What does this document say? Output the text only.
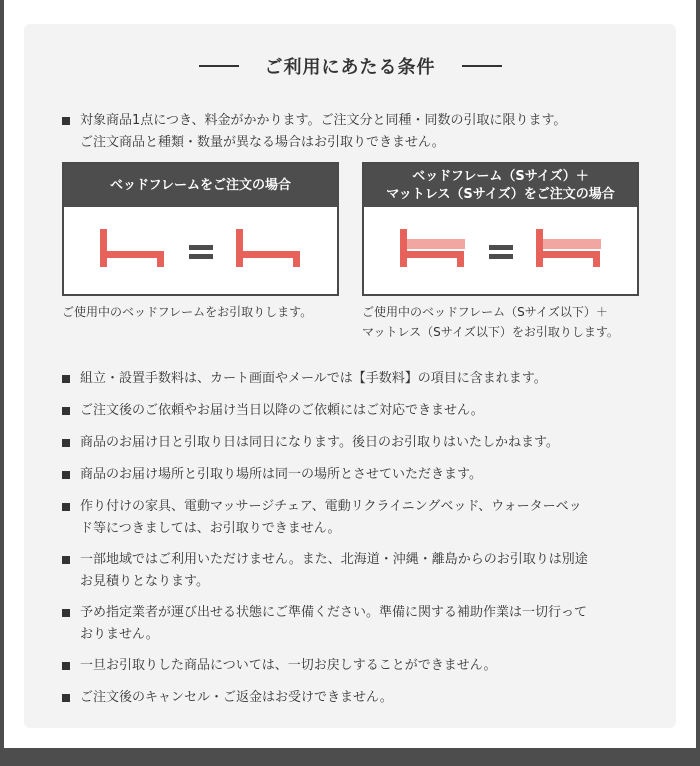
ご利用にあたる条件
対象商品1点につき、料金がかかります。ご注文分と同種・同数の引取に限ります。
ご注文商品と種類・数量が異なる場合はお引取りできません。
ベッドフレームをご注文の場合
ご使用中のベッドフレームをお引取りします。
ベッドフレーム（Sサイズ）＋
マットレス（Sサイズ）をご注文の場合
ご使用中のベッドフレーム（Sサイズ以下）＋
マットレス（Sサイズ以下）をお引取りします。
組立・設置手数料は、カート画面やメールでは【手数料】の項目に含まれます。
ご注文後のご依頼やお届け当日以降のご依頼にはご対応できません。
商品のお届け日と引取り日は同日になります。後日のお引取りはいたしかねます。
商品のお届け場所と引取り場所は同一の場所とさせていただきます。
作り付けの家具、電動マッサージチェア、電動リクライニングベッド、ウォーターベッ
ド等につきましては、お引取りできません。
一部地域ではご利用いただけません。また、北海道・沖縄・離島からのお引取りは別途
お見積りとなります。
予め指定業者が運び出せる状態にご準備ください。準備に関する補助作業は一切行って
おりません。
一旦お引取りした商品については、一切お戻しすることができません。
ご注文後のキャンセル・ご返金はお受けできません。
